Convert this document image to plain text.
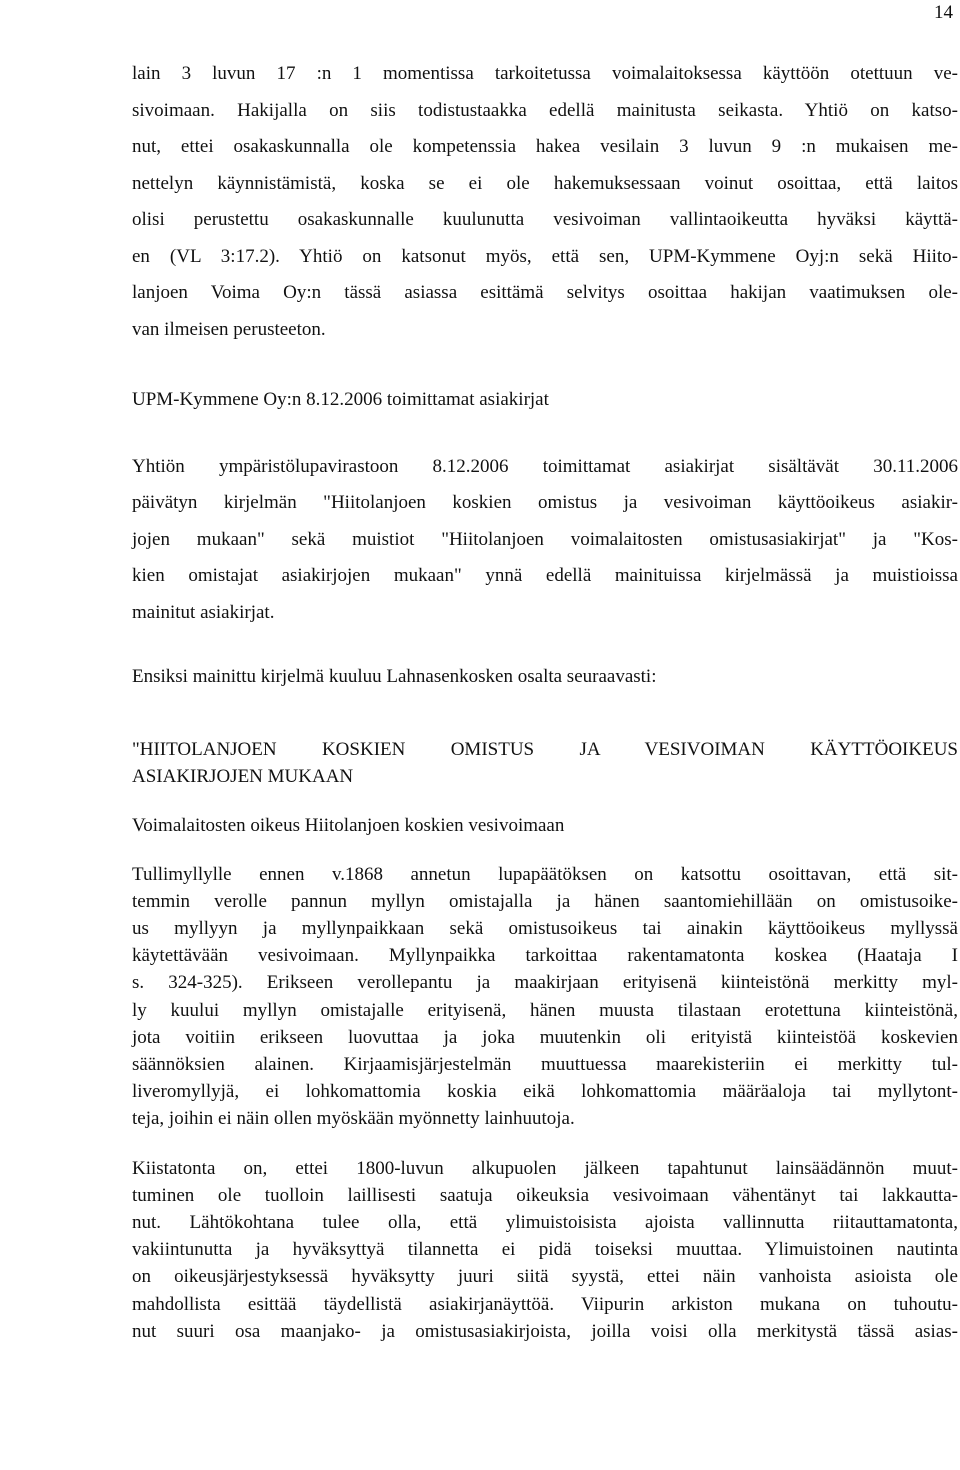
14

lain 3 luvun 17 :n 1 momentissa tarkoitetussa voimalaitoksessa käyttöön otettuun ve-
sivoimaan. Hakijalla on siis todistustaakka edellä mainitusta seikasta. Yhtiö on katso-
nut, ettei osakaskunnalla ole kompetenssia hakea vesilain 3 luvun 9 :n mukaisen me-
nettelyn käynnistämistä, koska se ei ole hakemuksessaan voinut osoittaa, että laitos
olisi perustettu osakaskunnalle kuulunutta vesivoiman vallintaoikeutta hyväksi käyttä-
en (VL 3:17.2). Yhtiö on katsonut myös, että sen, UPM-Kymmene Oyj:n sekä Hiito-
lanjoen Voima Oy:n tässä asiassa esittämä selvitys osoittaa hakijan vaatimuksen ole-
van ilmeisen perusteeton.

UPM-Kymmene Oy:n 8.12.2006 toimittamat asiakirjat

Yhtiön ympäristölupavirastoon 8.12.2006 toimittamat asiakirjat sisältävät 30.11.2006
päivätyn kirjelmän "Hiitolanjoen koskien omistus ja vesivoiman käyttöoikeus asiakir-
jojen mukaan" sekä muistiot "Hiitolanjoen voimalaitosten omistusasiakirjat" ja "Kos-
kien omistajat asiakirjojen mukaan" ynnä edellä mainituissa kirjelmässä ja muistioissa
mainitut asiakirjat.

Ensiksi mainittu kirjelmä kuuluu Lahnasenkosken osalta seuraavasti:

"HIITOLANJOEN KOSKIEN OMISTUS JA VESIVOIMAN KÄYTTÖOIKEUS
ASIAKIRJOJEN MUKAAN

Voimalaitosten oikeus Hiitolanjoen koskien vesivoimaan

Tullimyllylle ennen v.1868 annetun lupapäätöksen on katsottu osoittavan, että sit-
temmin verolle pannun myllyn omistajalla ja hänen saantomiehillään on omistusoike-
us myllyyn ja myllynpaikkaan sekä omistusoikeus tai ainakin käyttöoikeus myllyssä
käytettävään vesivoimaan. Myllynpaikka tarkoittaa rakentamatonta koskea (Haataja I
s. 324-325). Erikseen verollepantu ja maakirjaan erityisenä kiinteistönä merkitty myl-
ly kuului myllyn omistajalle erityisenä, hänen muusta tilastaan erotettuna kiinteistönä,
jota voitiin erikseen luovuttaa ja joka muutenkin oli erityistä kiinteistöä koskevien
säännöksien alainen. Kirjaamisjärjestelmän muuttuessa maarekisteriin ei merkitty tul-
liveromyllyjä, ei lohkomattomia koskia eikä lohkomattomia määräaloja tai myllytont-
teja, joihin ei näin ollen myöskään myönnetty lainhuutoja.

Kiistatonta on, ettei 1800-luvun alkupuolen jälkeen tapahtunut lainsäädännön muut-
tuminen ole tuolloin laillisesti saatuja oikeuksia vesivoimaan vähentänyt tai lakkautta-
nut. Lähtökohtana tulee olla, että ylimuistoisista ajoista vallinnutta riitauttamatonta,
vakiintunutta ja hyväksyttyä tilannetta ei pidä toiseksi muuttaa. Ylimuistoinen nautinta
on oikeusjärjestyksessä hyväksytty juuri siitä syystä, ettei näin vanhoista asioista ole
mahdollista esittää täydellistä asiakirjanäyttöä. Viipurin arkiston mukana on tuhoutu-
nut suuri osa maanjako- ja omistusasiakirjoista, joilla voisi olla merkitystä tässä asias-
